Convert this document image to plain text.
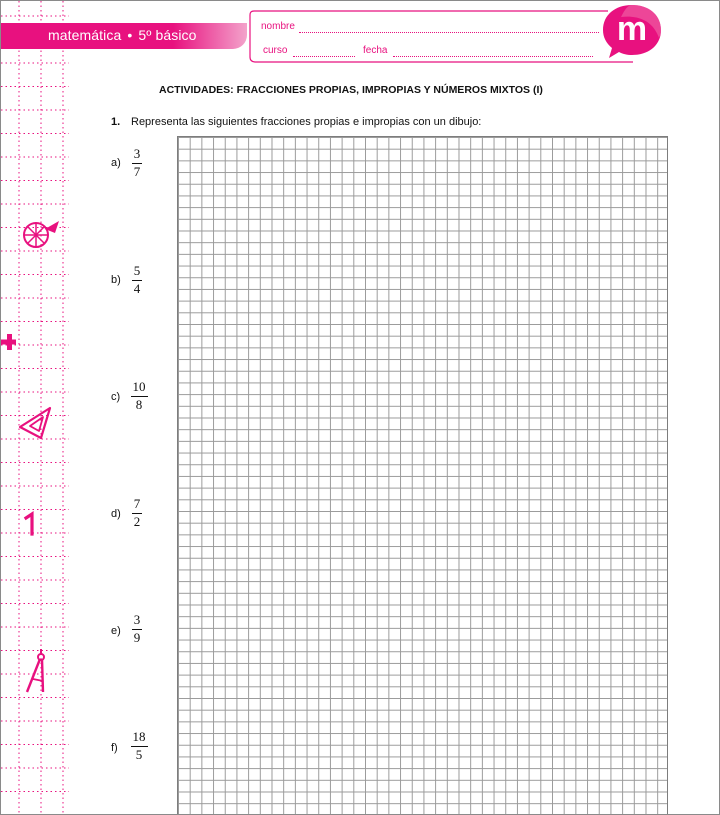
matemática • 5º básico
nombre
curso	fecha
m
ACTIVIDADES: FRACCIONES PROPIAS, IMPROPIAS Y NÚMEROS MIXTOS (I)
1. Representa las siguientes fracciones propias e impropias con un dibujo:
a)
3
7
b)
5
4
c)
10
8
d)
7
2
e)
3
9
f)
18
5
